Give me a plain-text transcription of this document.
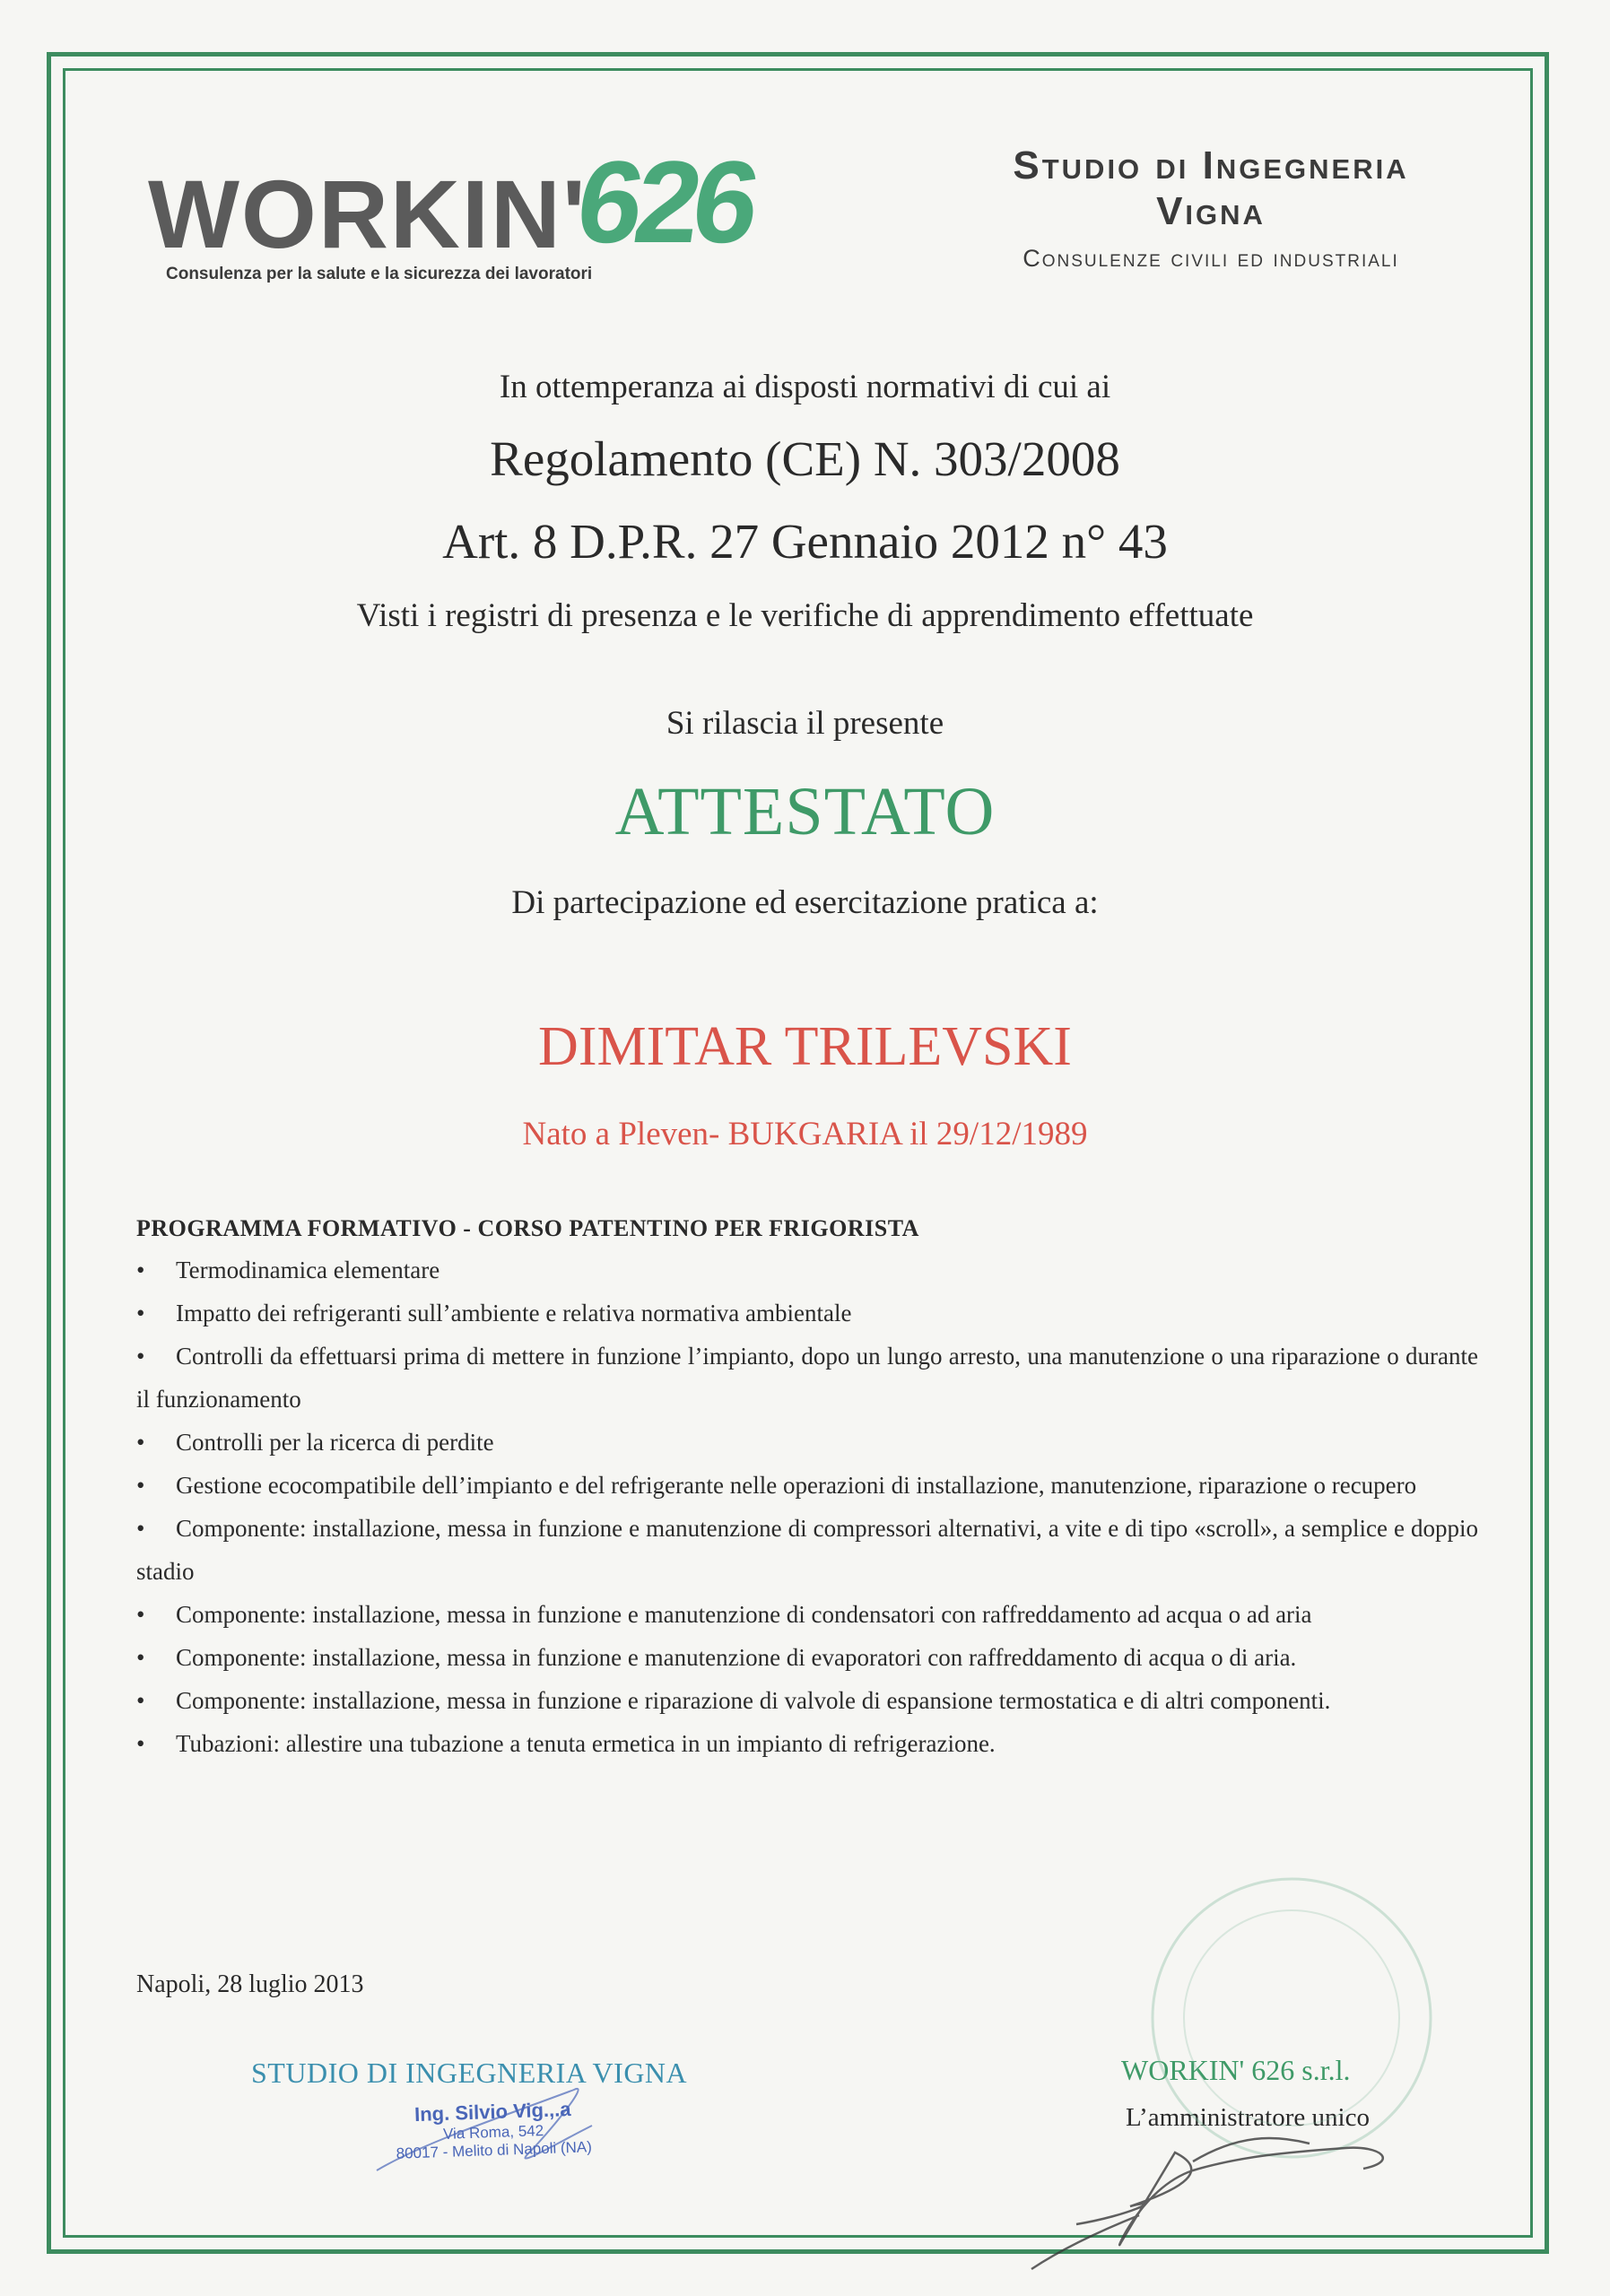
WORKIN'
626
Consulenza per la salute e la sicurezza dei lavoratori
Studio di Ingegneria
Vigna
Consulenze civili ed industriali
In ottemperanza ai disposti normativi di cui ai
Regolamento (CE) N. 303/2008
Art. 8 D.P.R. 27 Gennaio 2012 n° 43
Visti i registri di presenza e le verifiche di apprendimento effettuate
Si rilascia il presente
ATTESTATO
Di partecipazione ed esercitazione pratica a:
DIMITAR TRILEVSKI
Nato a Pleven- BUKGARIA il 29/12/1989
PROGRAMMA FORMATIVO - CORSO PATENTINO PER FRIGORISTA
• Termodinamica elementare
• Impatto dei refrigeranti sull’ambiente e relativa normativa ambientale
• Controlli da effettuarsi prima di mettere in funzione l’impianto, dopo un lungo arresto, una manutenzione o una riparazione o durante il funzionamento
• Controlli per la ricerca di perdite
• Gestione ecocompatibile dell’impianto e del refrigerante nelle operazioni di installazione, manutenzione, riparazione o recupero
• Componente: installazione, messa in funzione e manutenzione di compressori alternativi, a vite e di tipo «scroll», a semplice e doppio stadio
• Componente: installazione, messa in funzione e manutenzione di condensatori con raffreddamento ad acqua o ad aria
• Componente: installazione, messa in funzione e manutenzione di evaporatori con raffreddamento di acqua o di aria.
• Componente: installazione, messa in funzione e riparazione di valvole di espansione termostatica e di altri componenti.
• Tubazioni: allestire una tubazione a tenuta ermetica in un impianto di refrigerazione.
Napoli, 28 luglio 2013
STUDIO DI INGEGNERIA VIGNA
Ing. Silvio Vig.,.a
Via Roma, 542
80017 - Melito di Napoli (NA)
WORKIN' 626 s.r.l.
L’amministratore unico
